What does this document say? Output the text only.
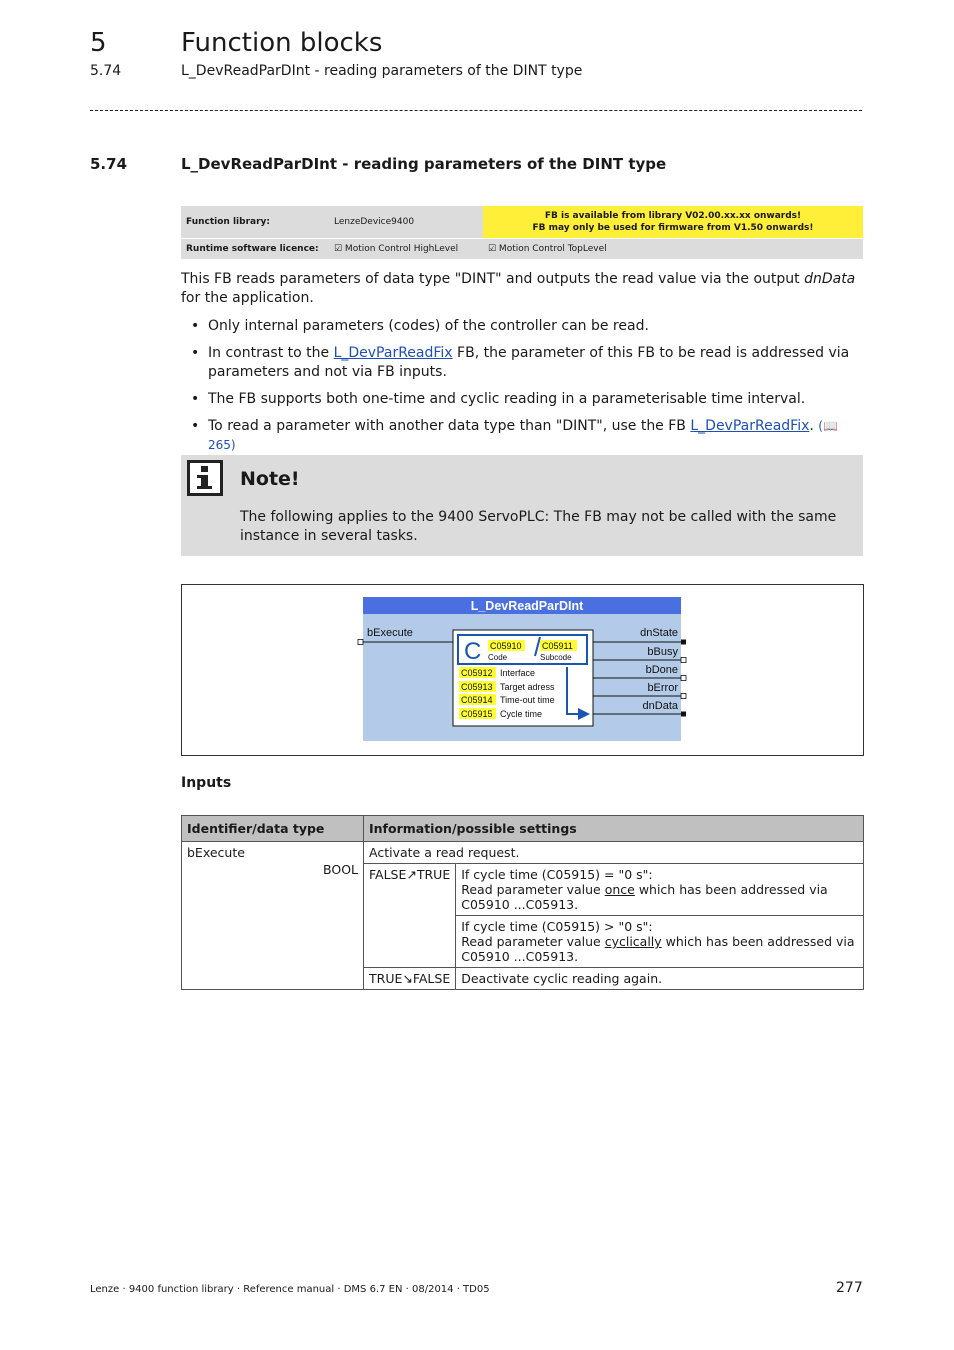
5	Function blocks
5.74	L_DevReadParDInt - reading parameters of the DINT type
5.74	L_DevReadParDInt - reading parameters of the DINT type
Function library:	LenzeDevice9400	FB is available from library V02.00.xx.xx onwards!
FB may only be used for firmware from V1.50 onwards!

Runtime software licence:	☑ Motion Control HighLevel	☑ Motion Control TopLevel
This FB reads parameters of data type "DINT" and outputs the read value via the output dnData for the application.
• Only internal parameters (codes) of the controller can be read.
• In contrast to the L_DevParReadFix FB, the parameter of this FB to be read is addressed via parameters and not via FB inputs.
• The FB supports both one-time and cyclic reading in a parameterisable time interval.
• To read a parameter with another data type than "DINT", use the FB L_DevParReadFix. (📖 265)
Note!
The following applies to the 9400 ServoPLC: The FB may not be called with the same instance in several tasks.
L_DevReadParDInt
bExecute	dnState
bBusy
bDone
bError
dnData
C C05910
Code
C05911
Subcode
C05912 Interface
C05913 Target adress
C05914 Time-out time
C05915 Cycle time
Inputs
Identifier/data type	Information/possible settings	
bExecute
BOOL	Activate a read request.	
	FALSE↗TRUE	If cycle time (C05915) = "0 s":
Read parameter value once which has been addressed via C05910 ...C05913.

		If cycle time (C05915) > "0 s":
Read parameter value cyclically which has been addressed via C05910 ...C05913.

	TRUE↘FALSE	Deactivate cyclic reading again.
Lenze · 9400 function library · Reference manual · DMS 6.7 EN · 08/2014 · TD05	277
